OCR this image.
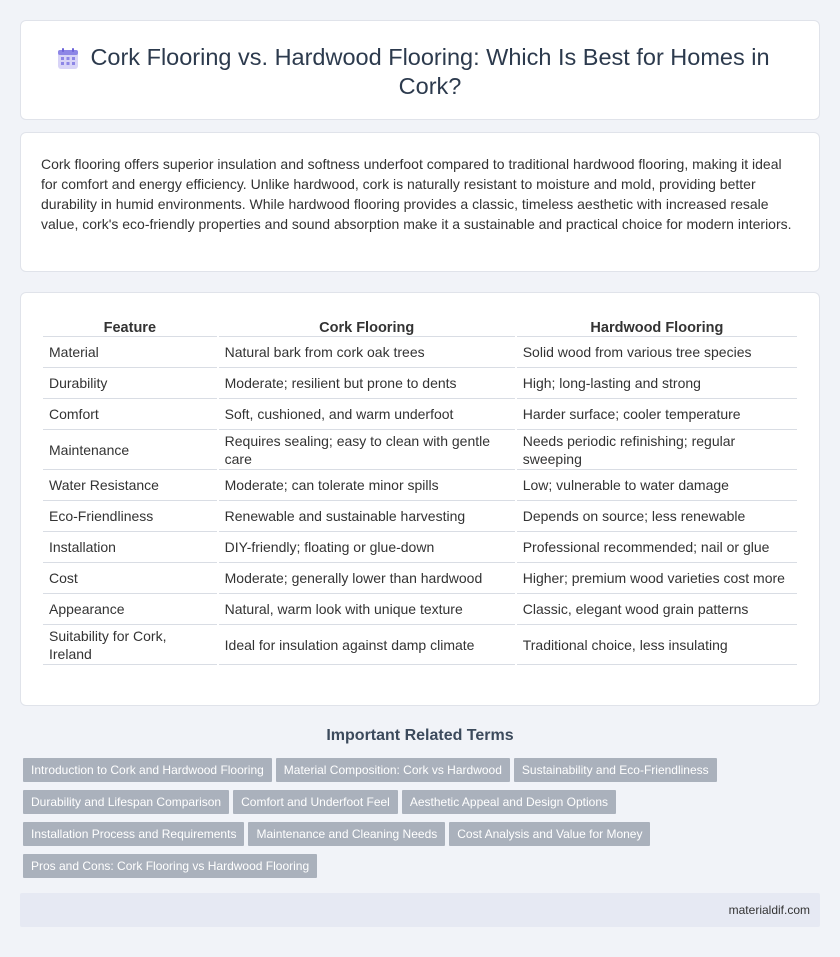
Cork Flooring vs. Hardwood Flooring: Which Is Best for Homes in Cork?

Cork flooring offers superior insulation and softness underfoot compared to traditional hardwood flooring, making it ideal for comfort and energy efficiency. Unlike hardwood, cork is naturally resistant to moisture and mold, providing better durability in humid environments. While hardwood flooring provides a classic, timeless aesthetic with increased resale value, cork's eco-friendly properties and sound absorption make it a sustainable and practical choice for modern interiors.

Feature	Cork Flooring	Hardwood Flooring
Material	Natural bark from cork oak trees	Solid wood from various tree species
Durability	Moderate; resilient but prone to dents	High; long-lasting and strong
Comfort	Soft, cushioned, and warm underfoot	Harder surface; cooler temperature
Maintenance	Requires sealing; easy to clean with gentle care	Needs periodic refinishing; regular sweeping
Water Resistance	Moderate; can tolerate minor spills	Low; vulnerable to water damage
Eco-Friendliness	Renewable and sustainable harvesting	Depends on source; less renewable
Installation	DIY-friendly; floating or glue-down	Professional recommended; nail or glue
Cost	Moderate; generally lower than hardwood	Higher; premium wood varieties cost more
Appearance	Natural, warm look with unique texture	Classic, elegant wood grain patterns
Suitability for Cork, Ireland	Ideal for insulation against damp climate	Traditional choice, less insulating
Important Related Terms
Introduction to Cork and Hardwood Flooring Material Composition: Cork vs Hardwood Sustainability and Eco-Friendliness
Durability and Lifespan Comparison Comfort and Underfoot Feel Aesthetic Appeal and Design Options
Installation Process and Requirements Maintenance and Cleaning Needs Cost Analysis and Value for Money
Pros and Cons: Cork Flooring vs Hardwood Flooring
materialdif.com
